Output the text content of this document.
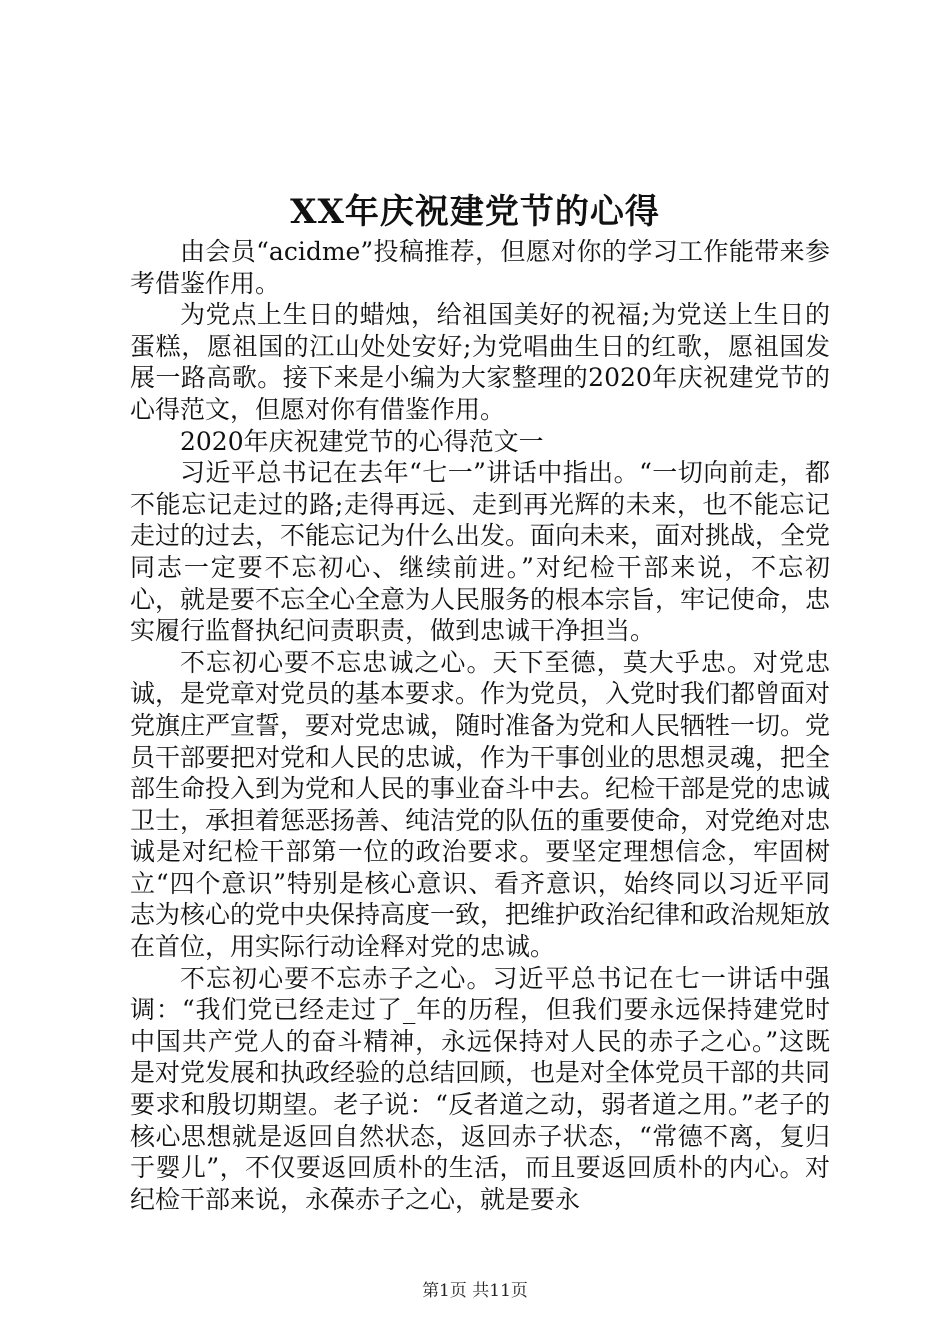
XX年庆祝建党节的心得

由会员“acidme”投稿推荐，但愿对你的学习工作能带来参考借鉴作用。

为党点上生日的蜡烛，给祖国美好的祝福;为党送上生日的蛋糕，愿祖国的江山处处安好;为党唱曲生日的红歌，愿祖国发展一路高歌。接下来是小编为大家整理的2020年庆祝建党节的心得范文，但愿对你有借鉴作用。

2020年庆祝建党节的心得范文一

习近平总书记在去年“七一”讲话中指出。“一切向前走，都不能忘记走过的路;走得再远、走到再光辉的未来，也不能忘记走过的过去，不能忘记为什么出发。面向未来，面对挑战，全党同志一定要不忘初心、继续前进。”对纪检干部来说，不忘初心，就是要不忘全心全意为人民服务的根本宗旨，牢记使命，忠实履行监督执纪问责职责，做到忠诚干净担当。

不忘初心要不忘忠诚之心。天下至德，莫大乎忠。对党忠诚，是党章对党员的基本要求。作为党员，入党时我们都曾面对党旗庄严宣誓，要对党忠诚，随时准备为党和人民牺牲一切。党员干部要把对党和人民的忠诚，作为干事创业的思想灵魂，把全部生命投入到为党和人民的事业奋斗中去。纪检干部是党的忠诚卫士，承担着惩恶扬善、纯洁党的队伍的重要使命，对党绝对忠诚是对纪检干部第一位的政治要求。要坚定理想信念，牢固树立“四个意识”特别是核心意识、看齐意识，始终同以习近平同志为核心的党中央保持高度一致，把维护政治纪律和政治规矩放在首位，用实际行动诠释对党的忠诚。

不忘初心要不忘赤子之心。习近平总书记在七一讲话中强调：“我们党已经走过了_年的历程，但我们要永远保持建党时中国共产党人的奋斗精神，永远保持对人民的赤子之心。”这既是对党发展和执政经验的总结回顾，也是对全体党员干部的共同要求和殷切期望。老子说：“反者道之动，弱者道之用。”老子的核心思想就是返回自然状态，返回赤子状态，“常德不离，复归于婴儿”，不仅要返回质朴的生活，而且要返回质朴的内心。对纪检干部来说，永葆赤子之心，就是要永

第1页 共11页
